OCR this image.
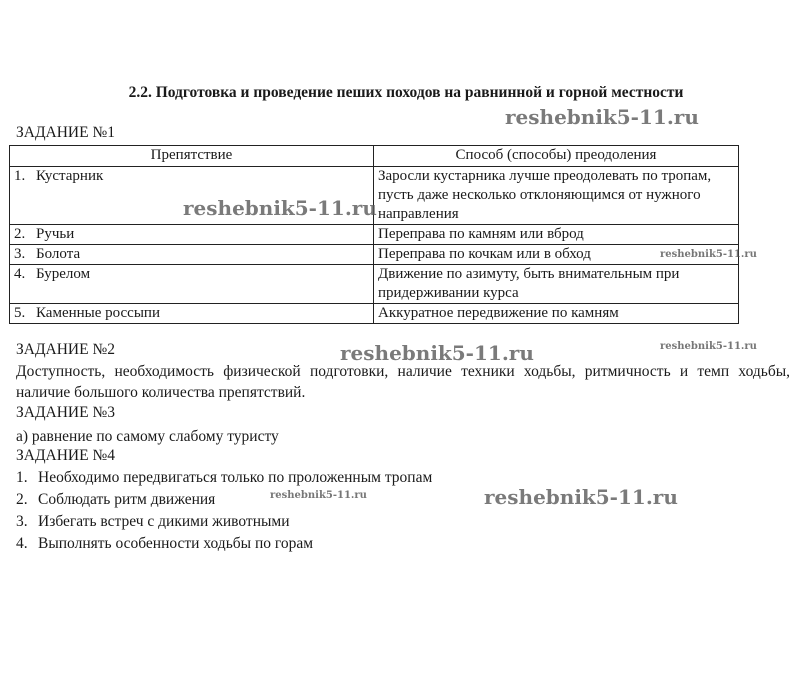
2.2. Подготовка и проведение пеших походов на равнинной и горной местности

ЗАДАНИЕ №1

Препятствие	Способ (способы) преодоления
1. Кустарник	Заросли кустарника лучше преодолевать по тропам, пусть даже несколько отклоняющимся от нужного направления
2. Ручьи	Переправа по камням или вброд
3. Болота	Переправа по кочкам или в обход
4. Бурелом	Движение по азимуту, быть внимательным при придерживании курса
5. Каменные россыпи	Аккуратное передвижение по камням

ЗАДАНИЕ №2

Доступность, необходимость физической подготовки, наличие техники ходьбы, ритмичность и темп ходьбы, наличие большого количества препятствий.

ЗАДАНИЕ №3

а) равнение по самому слабому туристу

ЗАДАНИЕ №4

1. Необходимо передвигаться только по проложенным тропам
2. Соблюдать ритм движения
3. Избегать встреч с дикими животными
4. Выполнять особенности ходьбы по горам
reshebnik5-11.ru
reshebnik5-11.ru
reshebnik5-11.ru
reshebnik5-11.ru	reshebnik5-11.ru
reshebnik5-11.ru	reshebnik5-11.ru
